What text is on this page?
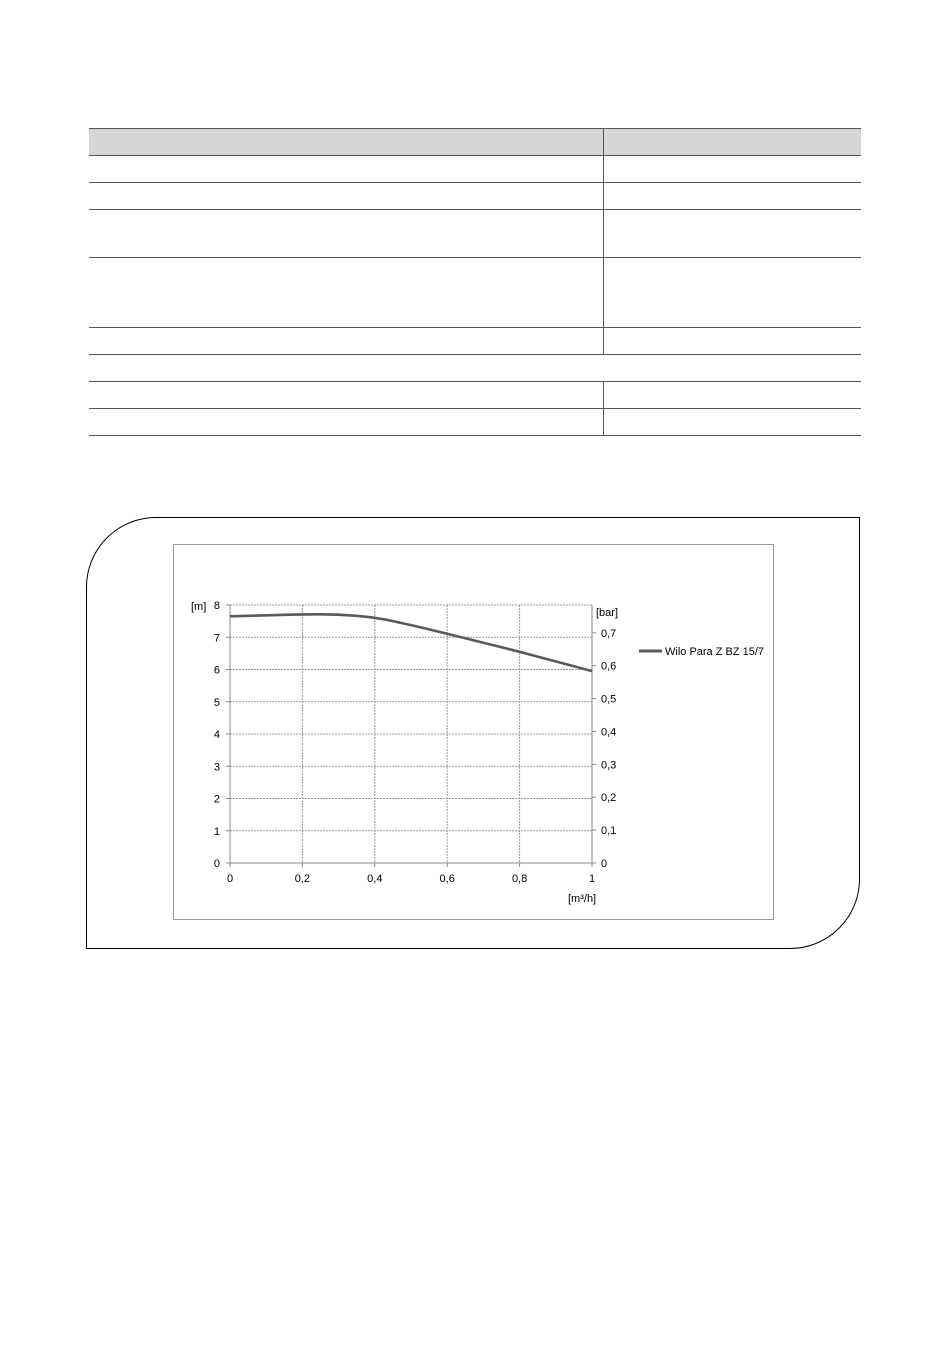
0
1
2
3
4
5
6
7
8
0	0,2	0,4	0,6	0,8	1
0
0,1
0,2
0,3
0,4
0,5
0,6
0,7
[m]	[bar]
[m³/h]
Wilo Para Z BZ 15/7
